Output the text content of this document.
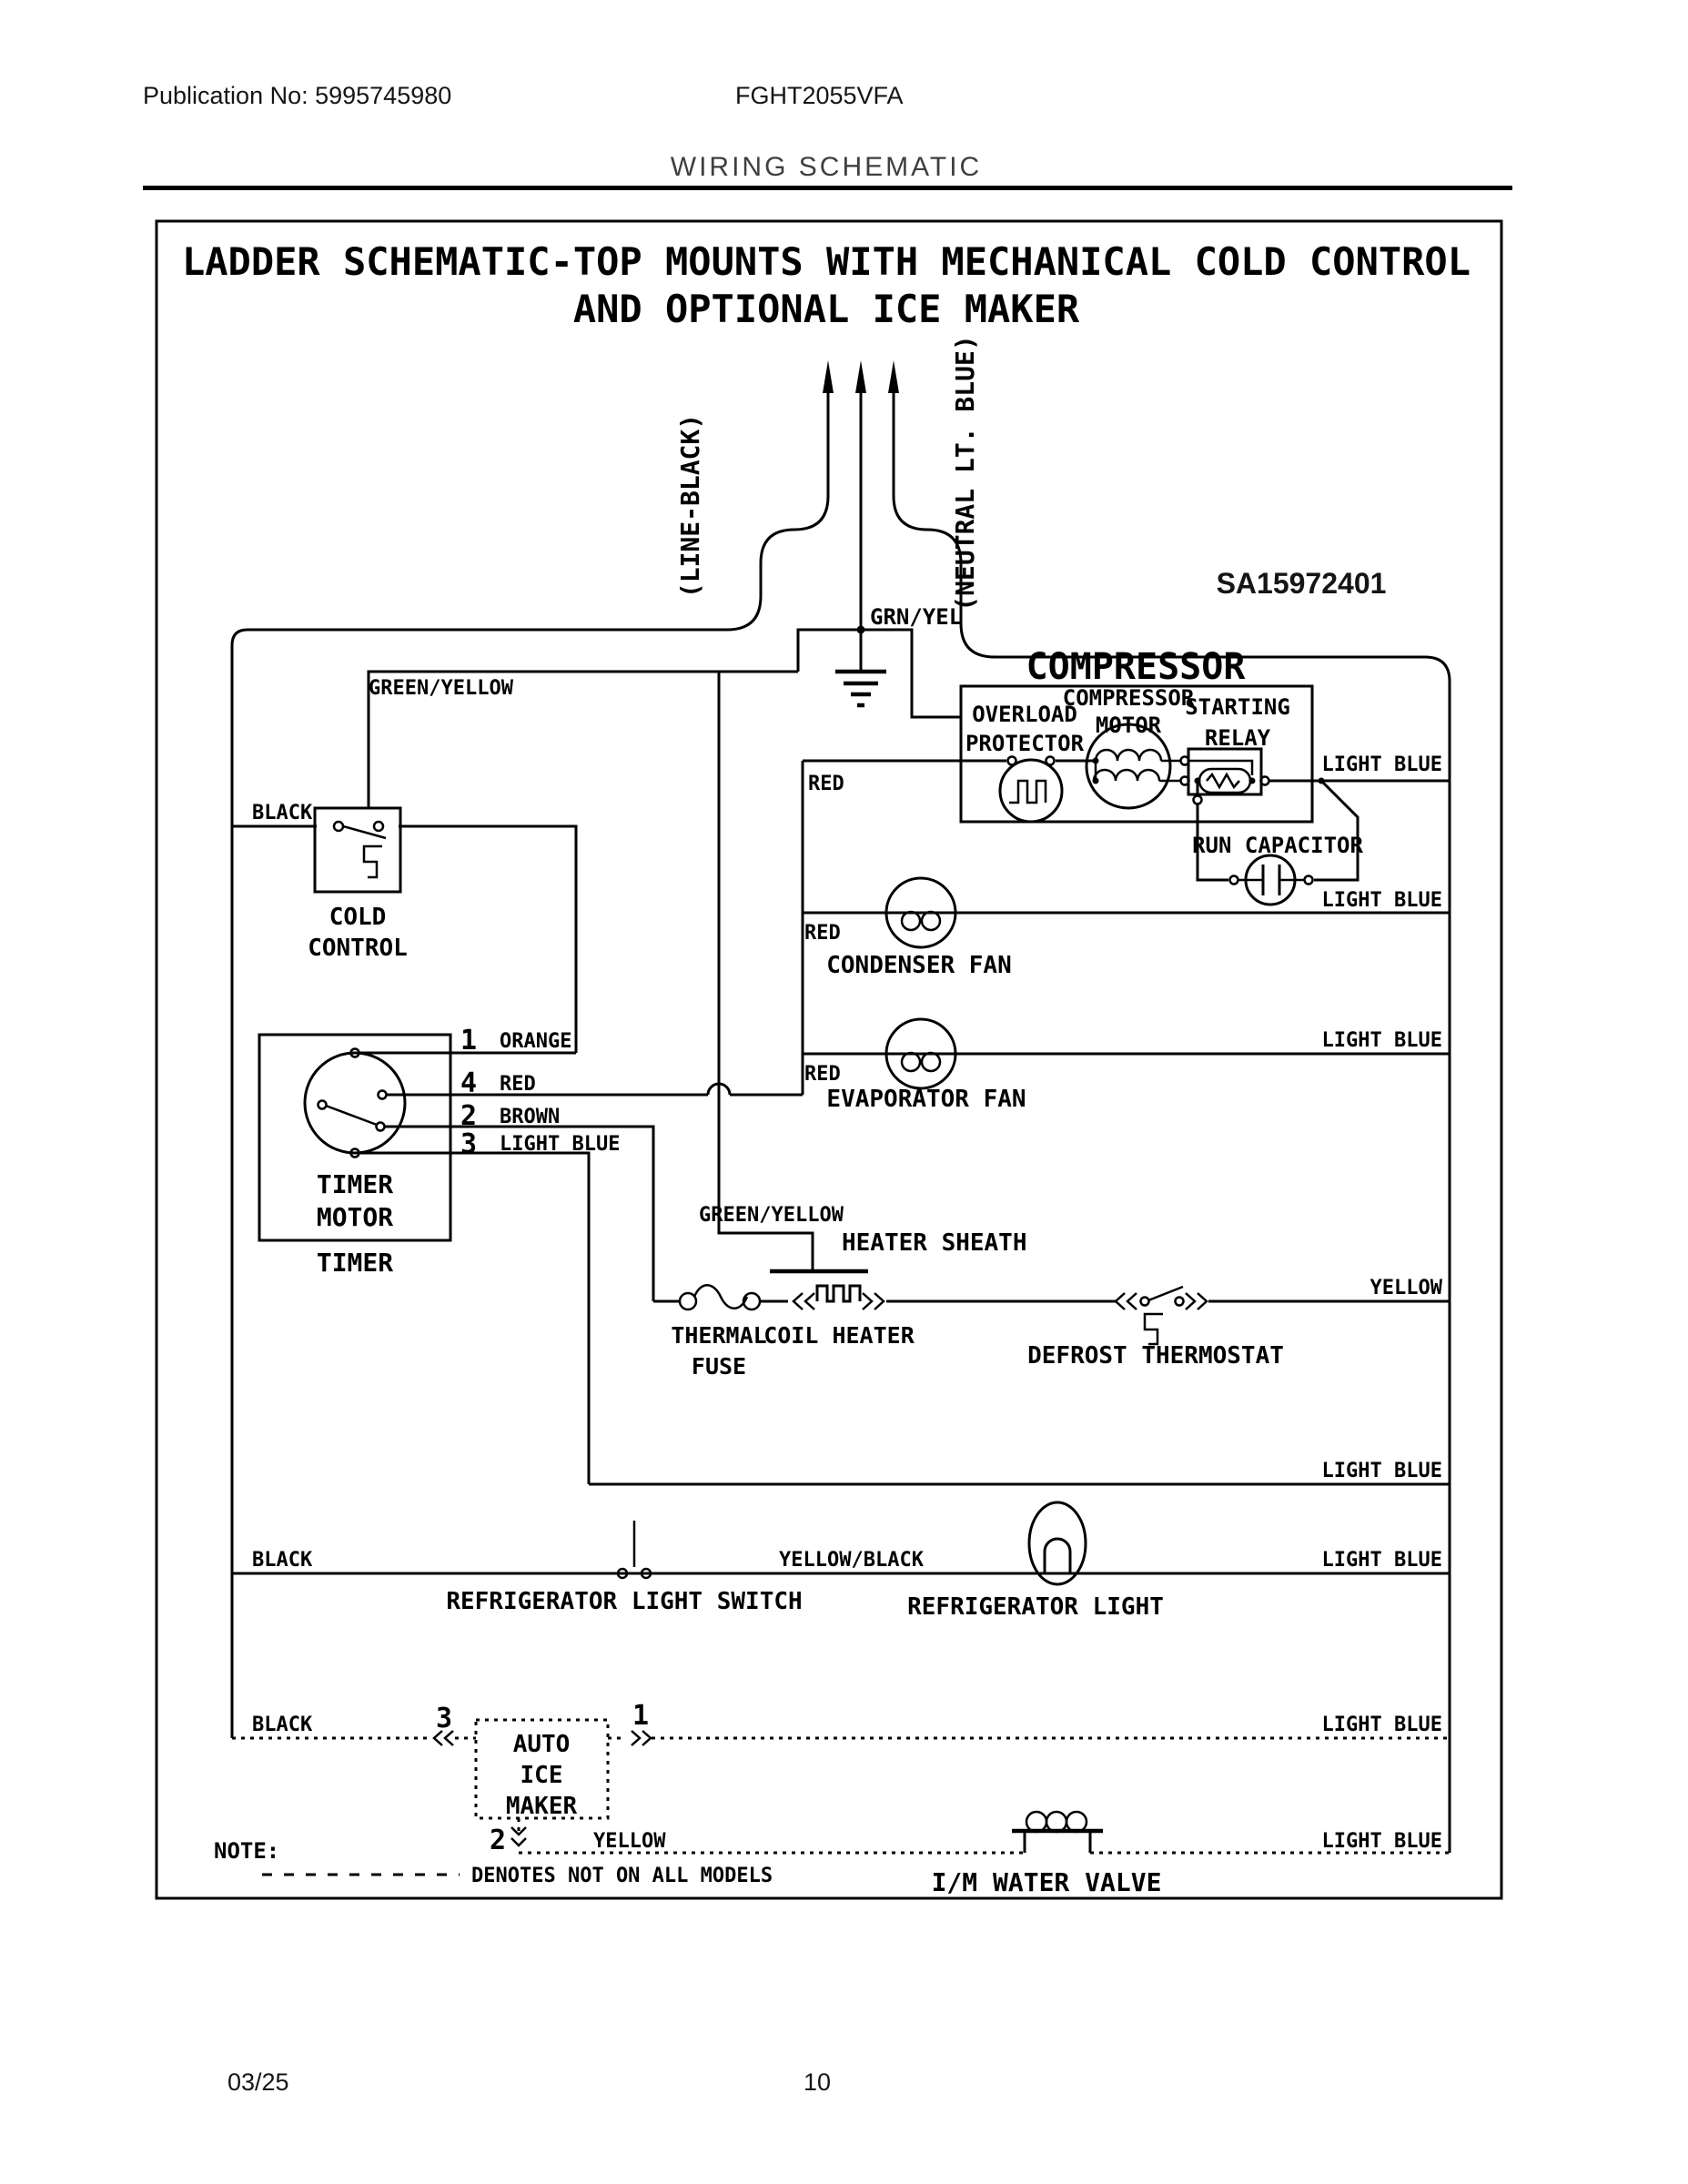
Publication No: 5995745980	FGHT2055VFA
WIRING SCHEMATIC
LADDER SCHEMATIC-TOP MOUNTS WITH MECHANICAL COLD CONTROL
AND OPTIONAL ICE MAKER
SA15972401
(LINE-BLACK)	(NEUTRAL LT. BLUE)
GRN/YEL
GREEN/YELLOW
BLACK
COLD
CONTROL
COMPRESSOR
OVERLOAD
PROTECTOR
COMPRESSOR
MOTOR
STARTING
RELAY
RED
LIGHT BLUE
RUN CAPACITOR
LIGHT BLUE
RED
CONDENSER FAN
LIGHT BLUE
RED
EVAPORATOR FAN
1 ORANGE
4 RED
2 BROWN
3 LIGHT BLUE
TIMER
MOTOR
TIMER
GREEN/YELLOW
HEATER SHEATH
THERMAL
FUSE
COIL HEATER
DEFROST THERMOSTAT
YELLOW
LIGHT BLUE
BLACK	YELLOW/BLACK	LIGHT BLUE
REFRIGERATOR LIGHT SWITCH	REFRIGERATOR LIGHT
BLACK	3	1	LIGHT BLUE
AUTO
ICE
MAKER
2	YELLOW	LIGHT BLUE
I/M WATER VALVE
NOTE:
DENOTES NOT ON ALL MODELS
03/25	10
